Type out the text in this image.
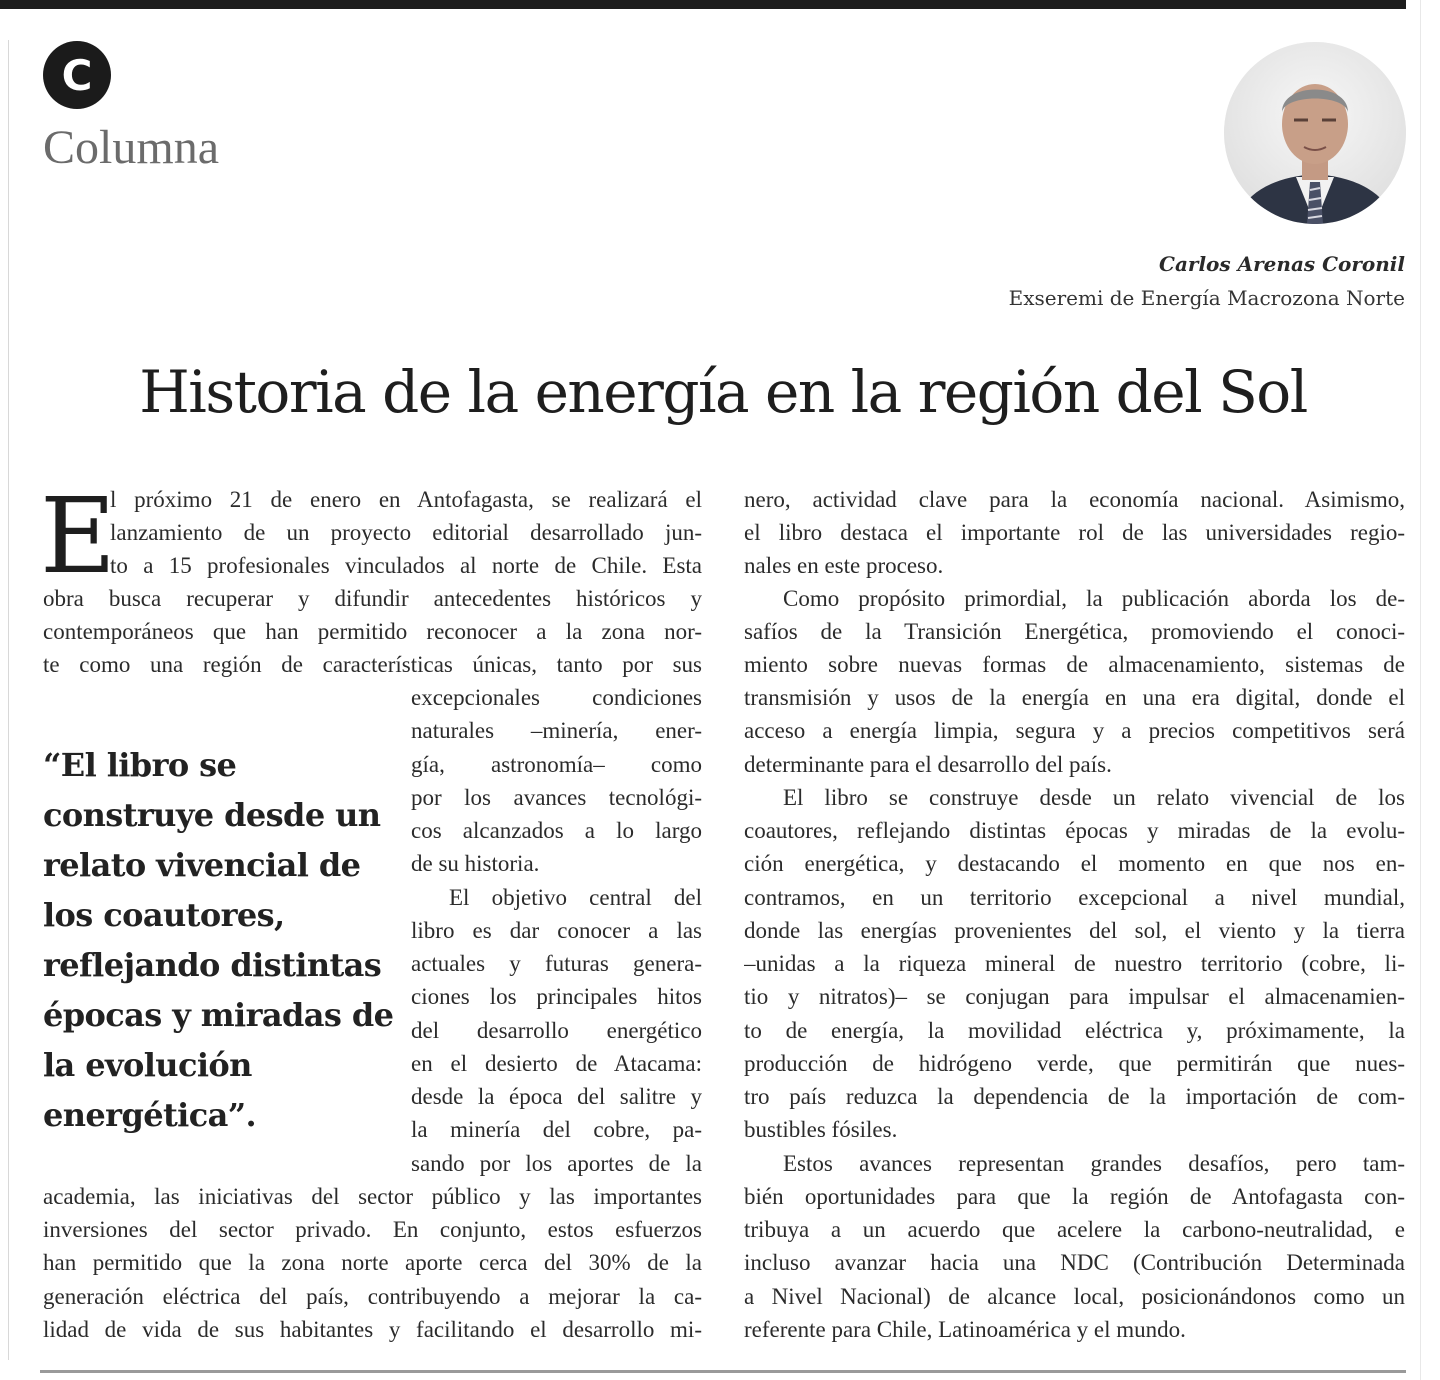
C
Columna
Carlos Arenas Coronil
Exseremi de Energía Macrozona Norte
Historia de la energía en la región del Sol
E
l próximo 21 de enero en Antofagasta, se realizará el
lanzamiento de un proyecto editorial desarrollado jun-
to a 15 profesionales vinculados al norte de Chile. Esta
obra busca recuperar y difundir antecedentes históricos y
contemporáneos que han permitido reconocer a la zona nor-
te como una región de características únicas, tanto por sus
excepcionales condiciones
naturales –minería, ener-
gía, astronomía– como
por los avances tecnológi-
cos alcanzados a lo largo
de su historia.
El objetivo central del
libro es dar conocer a las
actuales y futuras genera-
ciones los principales hitos
del desarrollo energético
en el desierto de Atacama:
desde la época del salitre y
la minería del cobre, pa-
sando por los aportes de la
academia, las iniciativas del sector público y las importantes
inversiones del sector privado. En conjunto, estos esfuerzos
han permitido que la zona norte aporte cerca del 30% de la
generación eléctrica del país, contribuyendo a mejorar la ca-
lidad de vida de sus habitantes y facilitando el desarrollo mi-
“El libro se
construye desde un
relato vivencial de
los coautores,
reflejando distintas
épocas y miradas de
la evolución
energética”.
nero, actividad clave para la economía nacional. Asimismo,
el libro destaca el importante rol de las universidades regio-
nales en este proceso.
Como propósito primordial, la publicación aborda los de-
safíos de la Transición Energética, promoviendo el conoci-
miento sobre nuevas formas de almacenamiento, sistemas de
transmisión y usos de la energía en una era digital, donde el
acceso a energía limpia, segura y a precios competitivos será
determinante para el desarrollo del país.
El libro se construye desde un relato vivencial de los
coautores, reflejando distintas épocas y miradas de la evolu-
ción energética, y destacando el momento en que nos en-
contramos, en un territorio excepcional a nivel mundial,
donde las energías provenientes del sol, el viento y la tierra
–unidas a la riqueza mineral de nuestro territorio (cobre, li-
tio y nitratos)– se conjugan para impulsar el almacenamien-
to de energía, la movilidad eléctrica y, próximamente, la
producción de hidrógeno verde, que permitirán que nues-
tro país reduzca la dependencia de la importación de com-
bustibles fósiles.
Estos avances representan grandes desafíos, pero tam-
bién oportunidades para que la región de Antofagasta con-
tribuya a un acuerdo que acelere la carbono-neutralidad, e
incluso avanzar hacia una NDC (Contribución Determinada
a Nivel Nacional) de alcance local, posicionándonos como un
referente para Chile, Latinoamérica y el mundo.
